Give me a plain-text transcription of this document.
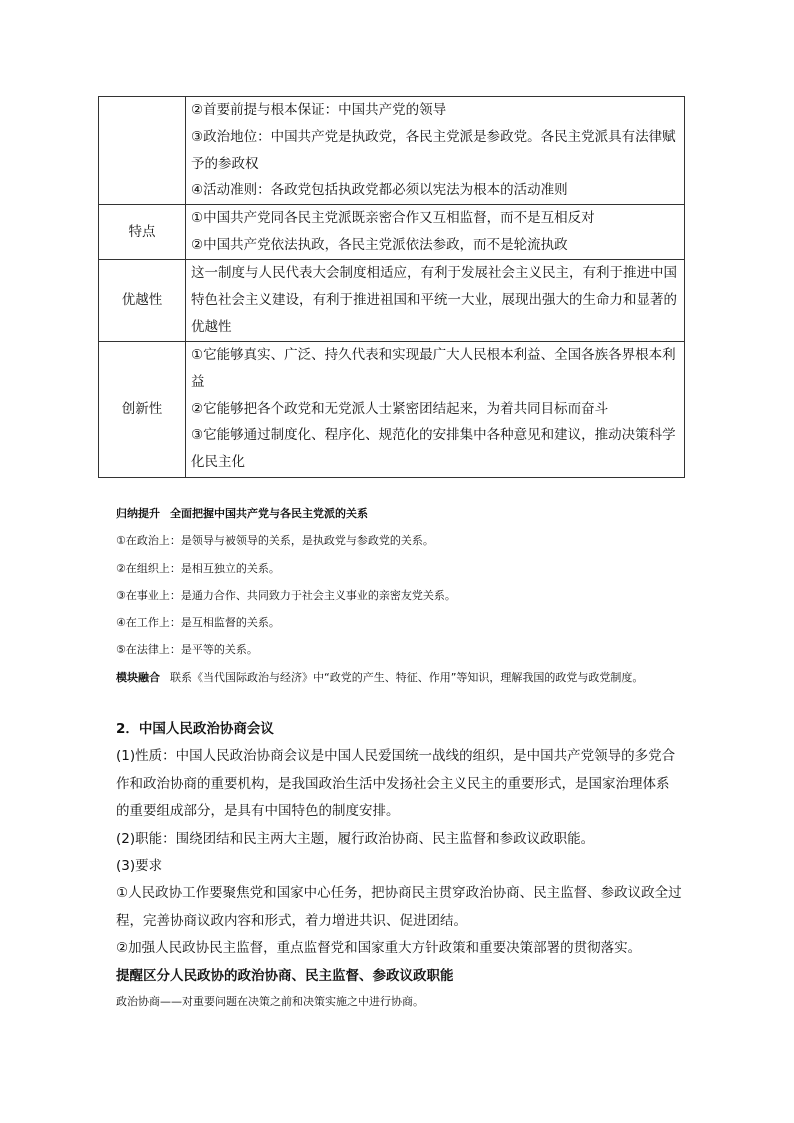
	②首要前提与根本保证：中国共产党的领导

③政治地位：中国共产党是执政党，各民主党派是参政党。各民主党派具有法律赋予的参政权

④活动准则：各政党包括执政党都必须以宪法为根本的活动准则

特点	①中国共产党同各民主党派既亲密合作又互相监督，而不是互相反对

②中国共产党依法执政，各民主党派依法参政，而不是轮流执政

优越性	这一制度与人民代表大会制度相适应，有利于发展社会主义民主，有利于推进中国特色社会主义建设，有利于推进祖国和平统一大业，展现出强大的生命力和显著的优越性

创新性	①它能够真实、广泛、持久代表和实现最广大人民根本利益、全国各族各界根本利益

②它能够把各个政党和无党派人士紧密团结起来，为着共同目标而奋斗

③它能够通过制度化、程序化、规范化的安排集中各种意见和建议，推动决策科学化民主化

归纳提升 全面把握中国共产党与各民主党派的关系

①在政治上：是领导与被领导的关系，是执政党与参政党的关系。

②在组织上：是相互独立的关系。

③在事业上：是通力合作、共同致力于社会主义事业的亲密友党关系。

④在工作上：是互相监督的关系。

⑤在法律上：是平等的关系。

模块融合 联系《当代国际政治与经济》中“政党的产生、特征、作用”等知识，理解我国的政党与政党制度。

2．中国人民政治协商会议

(1)性质：中国人民政治协商会议是中国人民爱国统一战线的组织，是中国共产党领导的多党合作和政治协商的重要机构，是我国政治生活中发扬社会主义民主的重要形式，是国家治理体系的重要组成部分，是具有中国特色的制度安排。

(2)职能：围绕团结和民主两大主题，履行政治协商、民主监督和参政议政职能。

(3)要求

①人民政协工作要聚焦党和国家中心任务，把协商民主贯穿政治协商、民主监督、参政议政全过程，完善协商议政内容和形式，着力增进共识、促进团结。

②加强人民政协民主监督，重点监督党和国家重大方针政策和重要决策部署的贯彻落实。

提醒区分人民政协的政治协商、民主监督、参政议政职能

政治协商——对重要问题在决策之前和决策实施之中进行协商。
